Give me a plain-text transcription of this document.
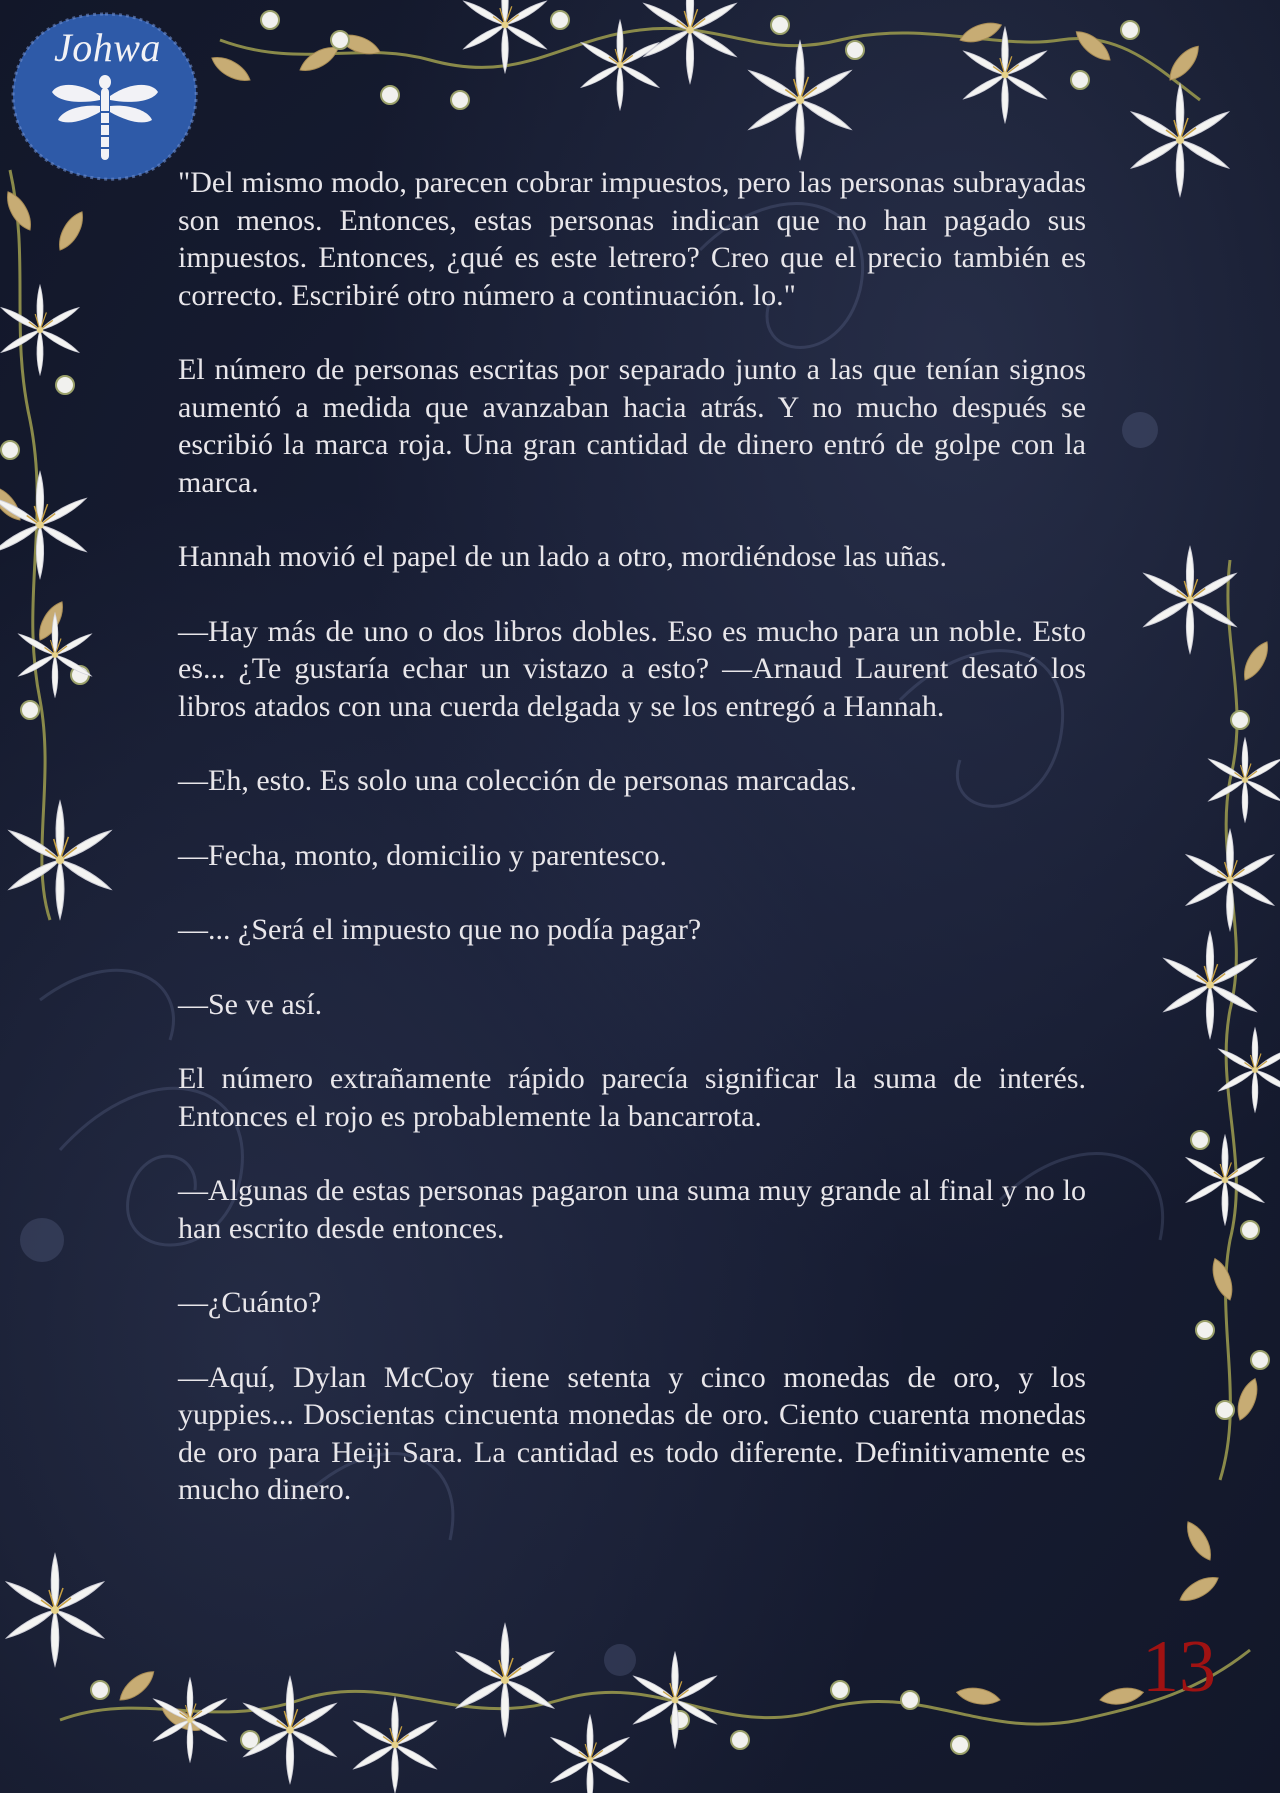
Johwa

"Del mismo modo, parecen cobrar impuestos, pero las personas subrayadas son menos. Entonces, estas personas indican que no han pagado sus impuestos. Entonces, ¿qué es este letrero? Creo que el precio también es correcto. Escribiré otro número a continuación. lo."

El número de personas escritas por separado junto a las que tenían signos aumentó a medida que avanzaban hacia atrás. Y no mucho después se escribió la marca roja. Una gran cantidad de dinero entró de golpe con la marca.

Hannah movió el papel de un lado a otro, mordiéndose las uñas.

—Hay más de uno o dos libros dobles. Eso es mucho para un noble. Esto es... ¿Te gustaría echar un vistazo a esto? —Arnaud Laurent desató los libros atados con una cuerda delgada y se los entregó a Hannah.

—Eh, esto. Es solo una colección de personas marcadas.

—Fecha, monto, domicilio y parentesco.

—... ¿Será el impuesto que no podía pagar?

—Se ve así.

El número extrañamente rápido parecía significar la suma de interés. Entonces el rojo es probablemente la bancarrota.

—Algunas de estas personas pagaron una suma muy grande al final y no lo han escrito desde entonces.

—¿Cuánto?

—Aquí, Dylan McCoy tiene setenta y cinco monedas de oro, y los yuppies... Doscientas cincuenta monedas de oro. Ciento cuarenta monedas de oro para Heiji Sara. La cantidad es todo diferente. Definitivamente es mucho dinero.

13
